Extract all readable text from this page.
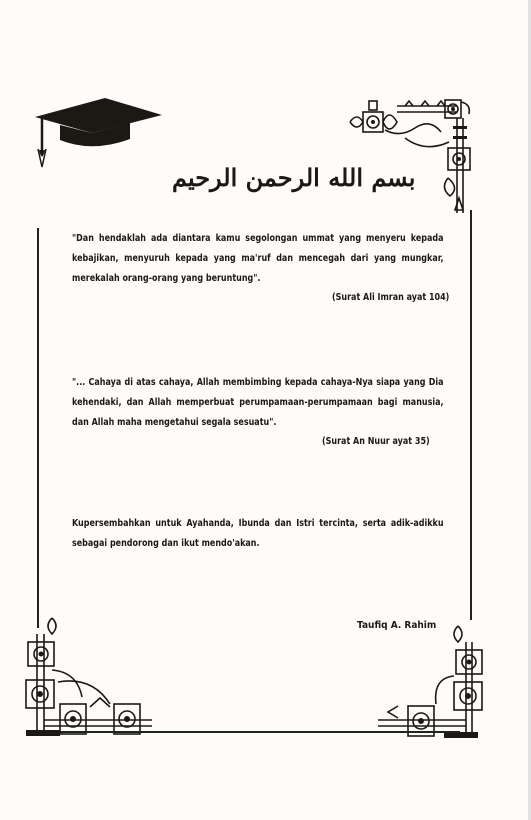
بسم الله الرحمن الرحيم
"Dan hendaklah ada diantara kamu segolongan ummat yang menyeru kepada kebajikan, menyuruh kepada yang ma'ruf dan mencegah dari yang mungkar, merekalah orang-orang yang beruntung".
(Surat Ali Imran ayat 104)
"... Cahaya di atas cahaya, Allah membimbing kepada cahaya-Nya siapa yang Dia kehendaki, dan Allah memperbuat perumpamaan-perumpamaan bagi manusia, dan Allah maha mengetahui segala sesuatu".
(Surat An Nuur ayat 35)
Kupersembahkan untuk Ayahanda, Ibunda dan Istri tercinta, serta adik-adikku sebagai pendorong dan ikut mendo'akan.
Taufiq A. Rahim
